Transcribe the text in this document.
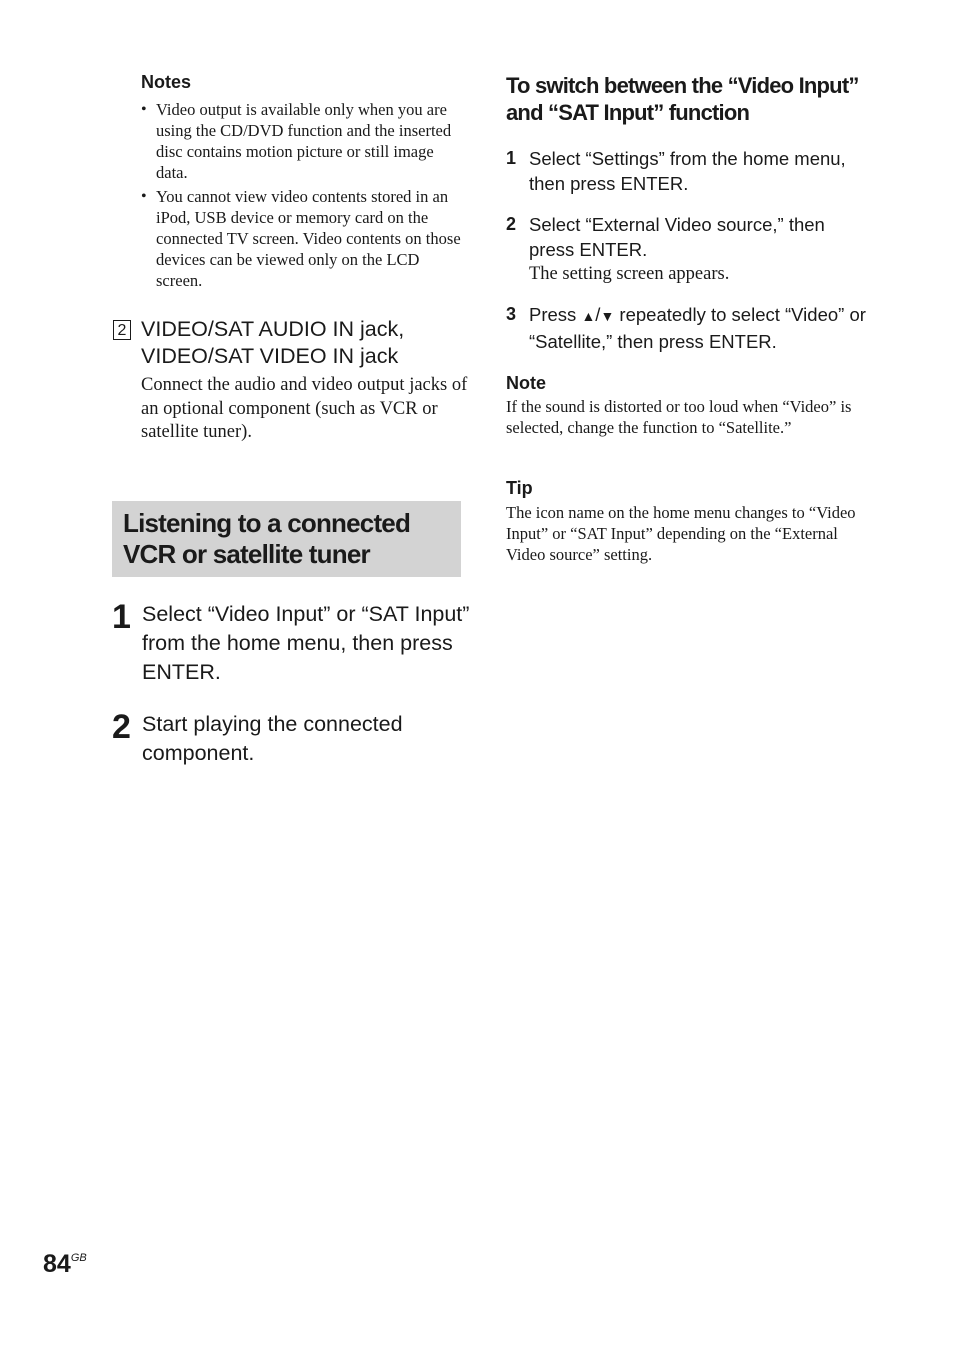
Notes
• Video output is available only when you are using the CD/DVD function and the inserted disc contains motion picture or still image data.
• You cannot view video contents stored in an iPod, USB device or memory card on the connected TV screen. Video contents on those devices can be viewed only on the LCD screen.
2 VIDEO/SAT AUDIO IN jack,
VIDEO/SAT VIDEO IN jack
Connect the audio and video output jacks of an optional component (such as VCR or satellite tuner).
Listening to a connected VCR or satellite tuner
1 Select “Video Input” or “SAT Input” from the home menu, then press ENTER.
2 Start playing the connected component.
To switch between the “Video Input” and “SAT Input” function
1 Select “Settings” from the home menu, then press ENTER.
2 Select “External Video source,” then press ENTER.
The setting screen appears.
3 Press ▲/▼ repeatedly to select “Video” or “Satellite,” then press ENTER.
Note
If the sound is distorted or too loud when “Video” is selected, change the function to “Satellite.”
Tip
The icon name on the home menu changes to “Video Input” or “SAT Input” depending on the “External Video source” setting.
$84^{GB}$
